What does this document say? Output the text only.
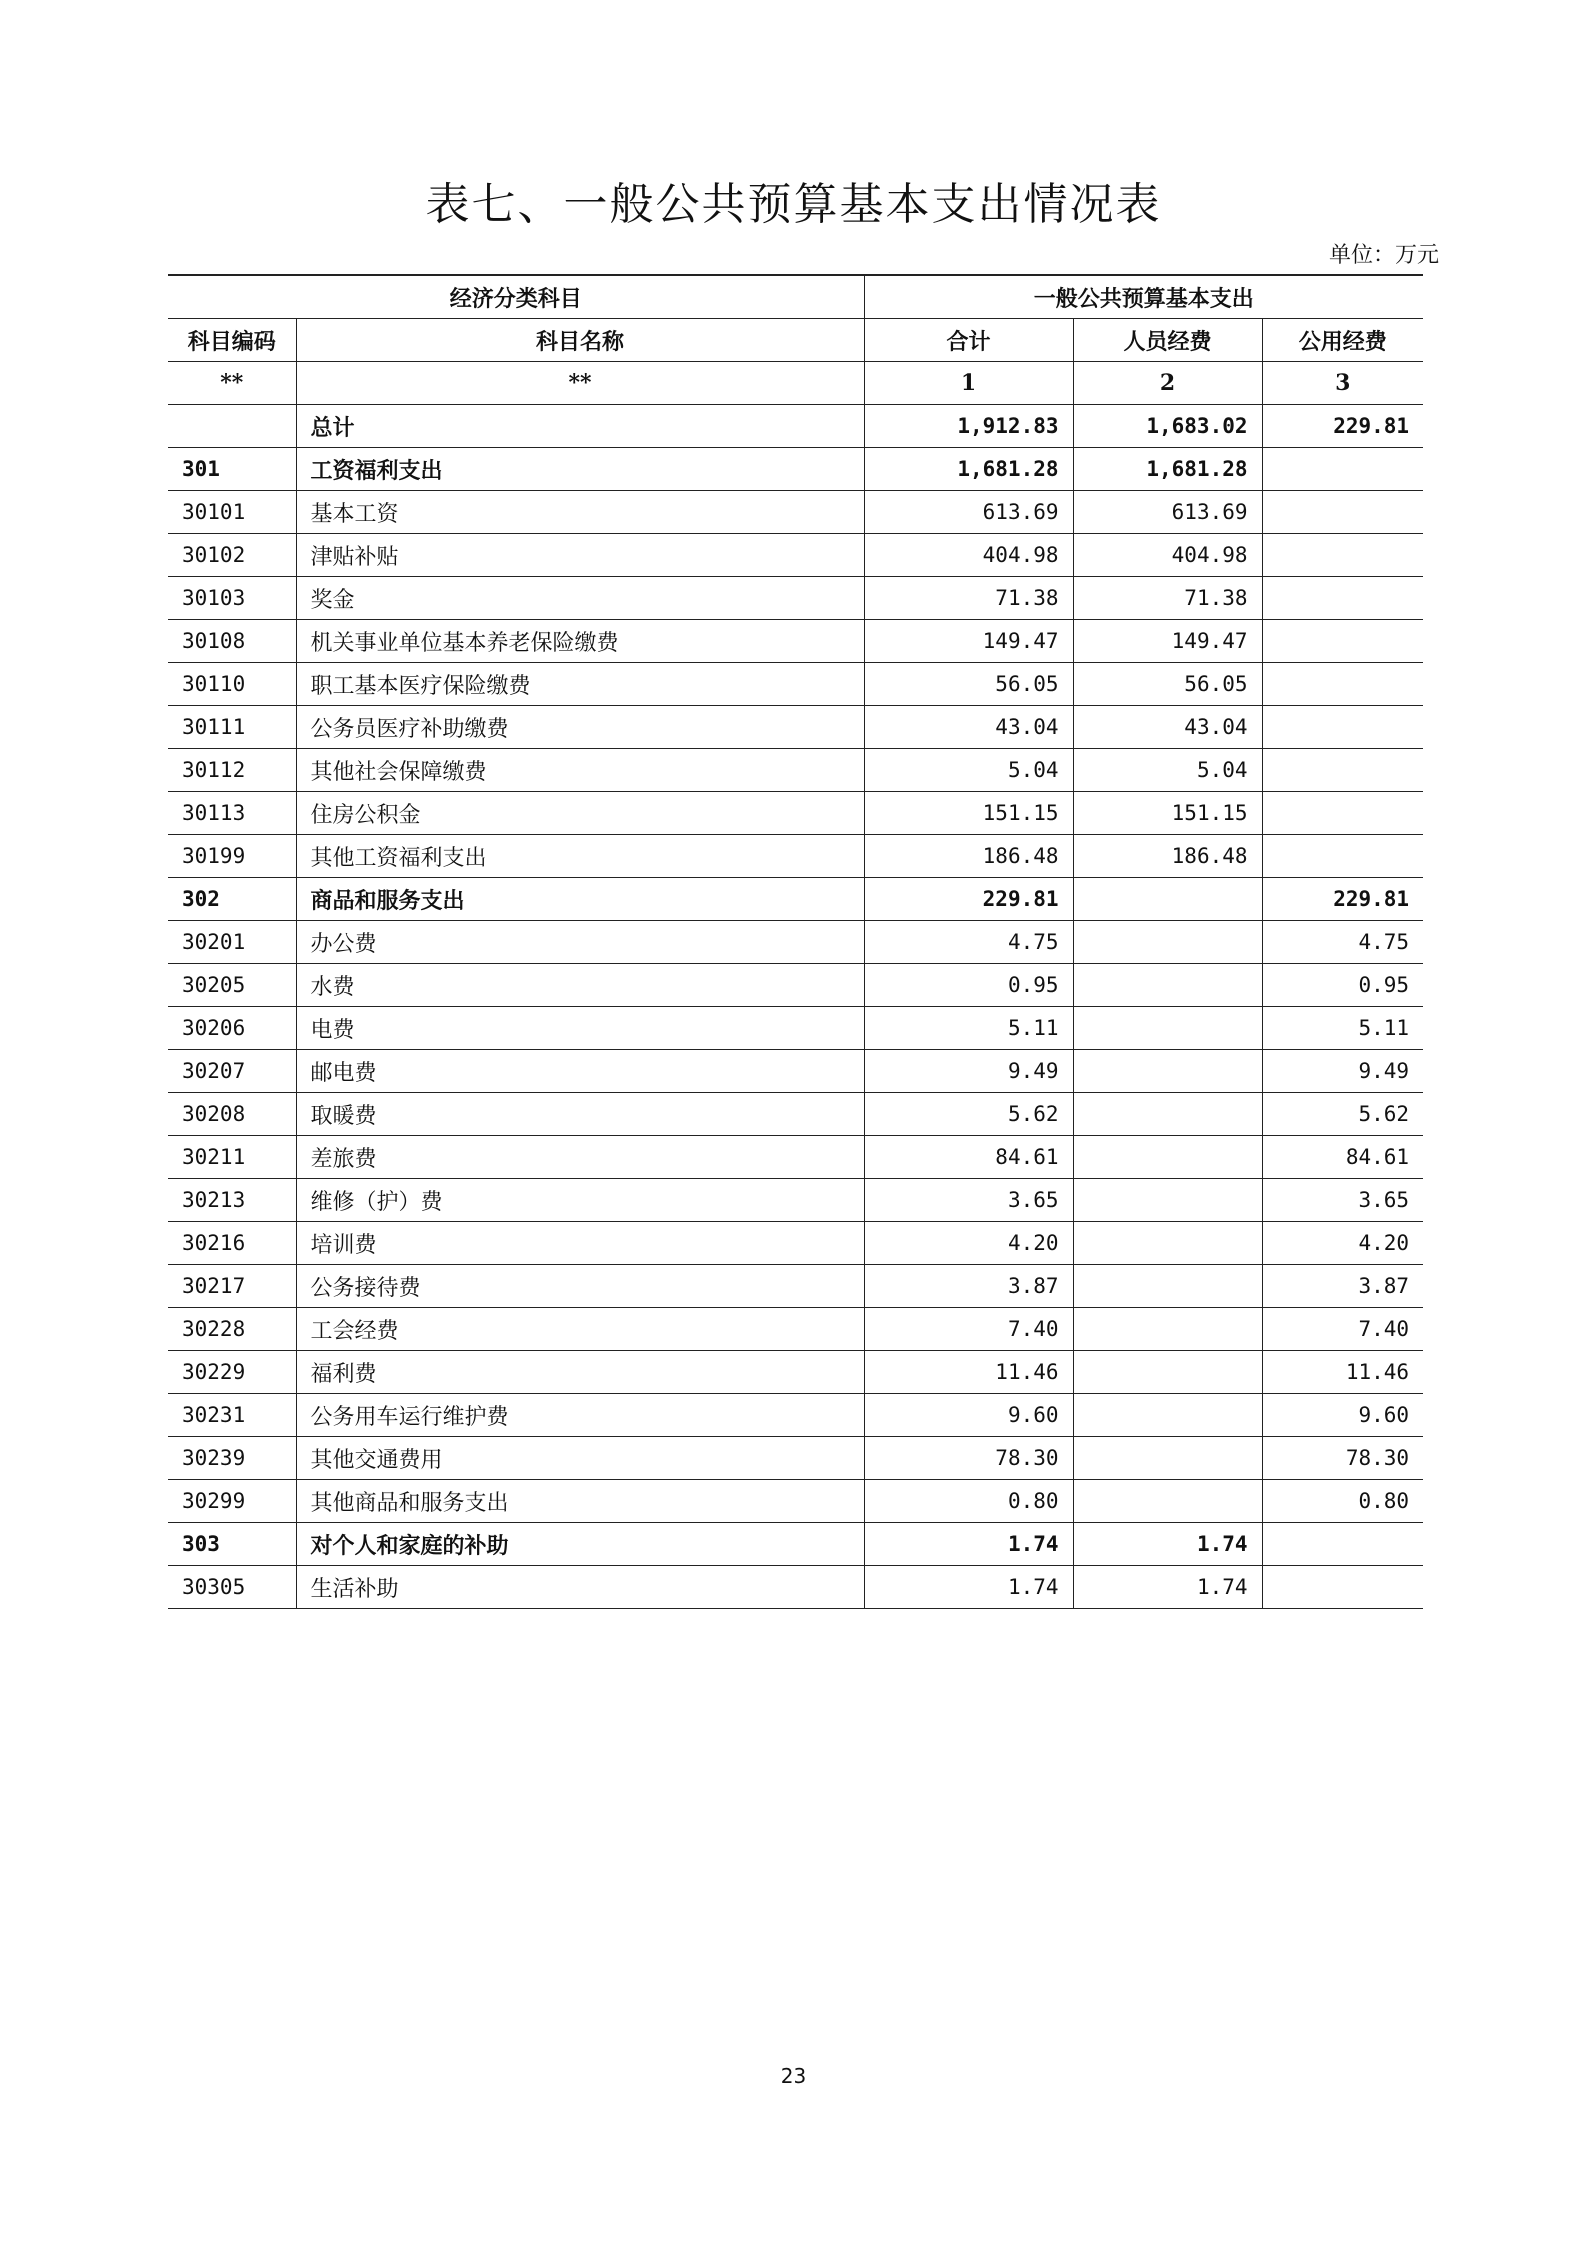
表七、一般公共预算基本支出情况表
单位：万元
经济分类科目		一般公共预算基本支出		
科目编码	科目名称	合计	人员经费	公用经费
**	**	1	2	3
	总计	1,912.83	1,683.02	229.81
301	工资福利支出	1,681.28	1,681.28	
30101	基本工资	613.69	613.69	
30102	津贴补贴	404.98	404.98	
30103	奖金	71.38	71.38	
30108	机关事业单位基本养老保险缴费	149.47	149.47	
30110	职工基本医疗保险缴费	56.05	56.05	
30111	公务员医疗补助缴费	43.04	43.04	
30112	其他社会保障缴费	5.04	5.04	
30113	住房公积金	151.15	151.15	
30199	其他工资福利支出	186.48	186.48	
302	商品和服务支出	229.81		229.81
30201	办公费	4.75		4.75
30205	水费	0.95		0.95
30206	电费	5.11		5.11
30207	邮电费	9.49		9.49
30208	取暖费	5.62		5.62
30211	差旅费	84.61		84.61
30213	维修（护）费	3.65		3.65
30216	培训费	4.20		4.20
30217	公务接待费	3.87		3.87
30228	工会经费	7.40		7.40
30229	福利费	11.46		11.46
30231	公务用车运行维护费	9.60		9.60
30239	其他交通费用	78.30		78.30
30299	其他商品和服务支出	0.80		0.80
303	对个人和家庭的补助	1.74	1.74	
30305	生活补助	1.74	1.74	
23
